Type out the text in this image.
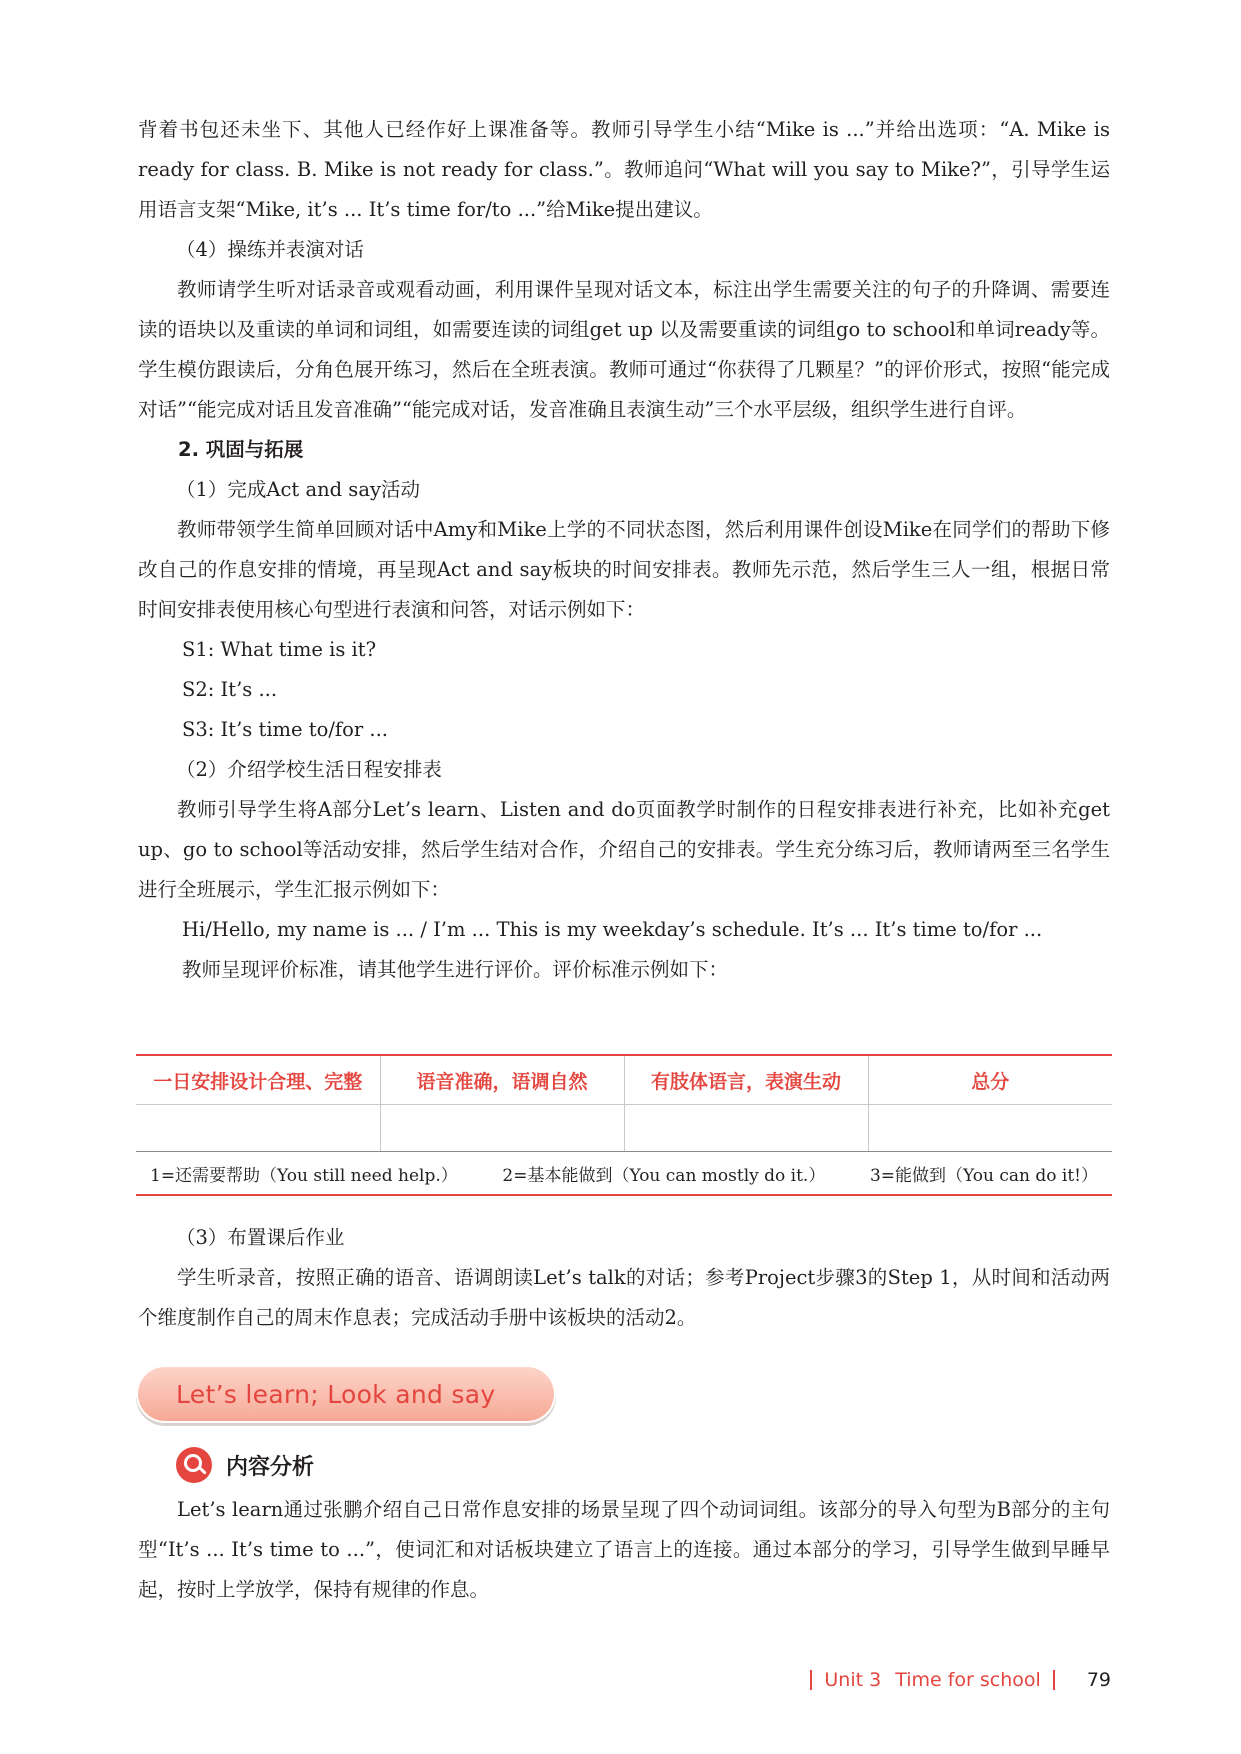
背着书包还未坐下、其他人已经作好上课准备等。教师引导学生小结“Mike is ...”并给出选项：“A. Mike is ready for class. B. Mike is not ready for class.”。教师追问“What will you say to Mike?”，引导学生运用语言支架“Mike, it’s ... It’s time for/to ...”给Mike提出建议。

（4）操练并表演对话

教师请学生听对话录音或观看动画，利用课件呈现对话文本，标注出学生需要关注的句子的升降调、需要连读的语块以及重读的单词和词组，如需要连读的词组get up 以及需要重读的词组go to school和单词ready等。学生模仿跟读后，分角色展开练习，然后在全班表演。教师可通过“你获得了几颗星？”的评价形式，按照“能完成对话”“能完成对话且发音准确”“能完成对话，发音准确且表演生动”三个水平层级，组织学生进行自评。

2. 巩固与拓展

（1）完成Act and say活动

教师带领学生简单回顾对话中Amy和Mike上学的不同状态图，然后利用课件创设Mike在同学们的帮助下修改自己的作息安排的情境，再呈现Act and say板块的时间安排表。教师先示范，然后学生三人一组，根据日常时间安排表使用核心句型进行表演和问答，对话示例如下：

S1: What time is it?

S2: It’s ...

S3: It’s time to/for ...

（2）介绍学校生活日程安排表

教师引导学生将A部分Let’s learn、Listen and do页面教学时制作的日程安排表进行补充，比如补充get up、go to school等活动安排，然后学生结对合作，介绍自己的安排表。学生充分练习后，教师请两至三名学生进行全班展示，学生汇报示例如下：

Hi/Hello, my name is ... / I’m ... This is my weekday’s schedule. It’s ... It’s time to/for ...

教师呈现评价标准，请其他学生进行评价。评价标准示例如下：

一日安排设计合理、完整	语音准确，语调自然	有肢体语言，表演生动	总分

1=还需要帮助（You still need help.） 2=基本能做到（You can mostly do it.） 3=能做到（You can do it!）			

（3）布置课后作业

学生听录音，按照正确的语音、语调朗读Let’s talk的对话；参考Project步骤3的Step 1，从时间和活动两个维度制作自己的周末作息表；完成活动手册中该板块的活动2。

Let’s learn; Look and say
内容分析

Let’s learn通过张鹏介绍自己日常作息安排的场景呈现了四个动词词组。该部分的导入句型为B部分的主句型“It’s ... It’s time to ...”，使词汇和对话板块建立了语言上的连接。通过本部分的学习，引导学生做到早睡早起，按时上学放学，保持有规律的作息。

Unit 3 Time for school 79
